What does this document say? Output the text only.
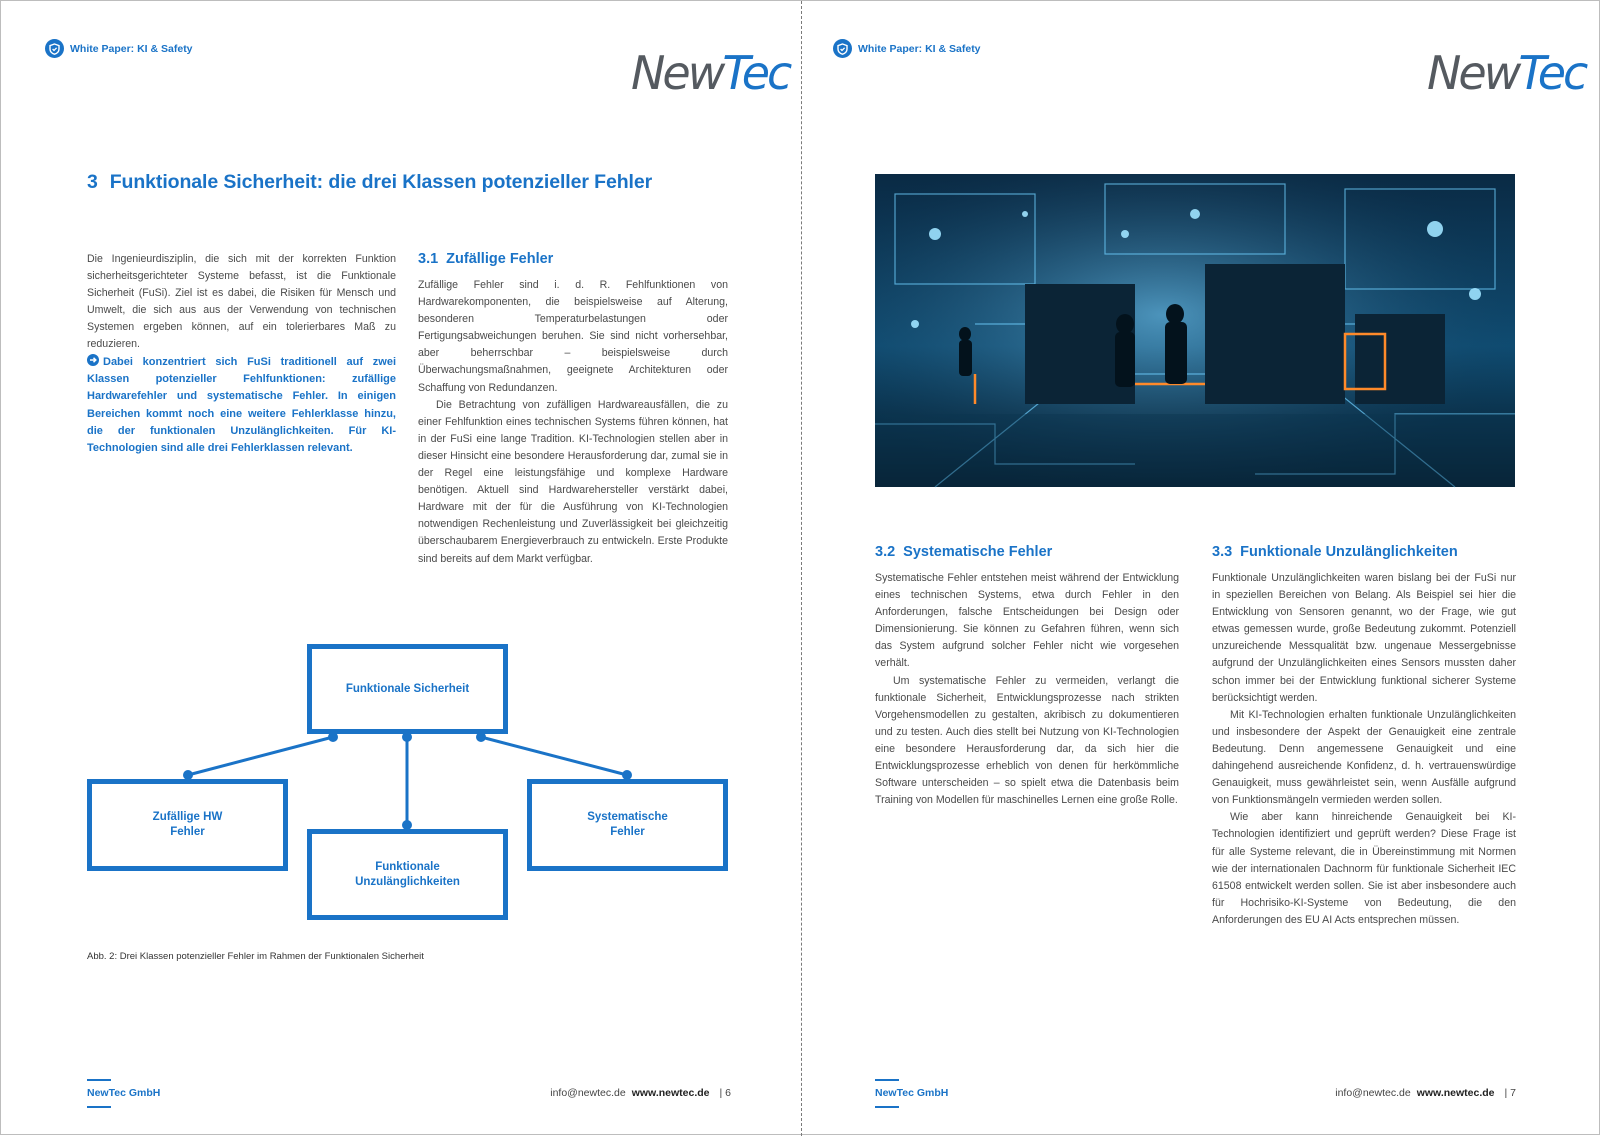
White Paper: KI & Safety	NewTec
3 Funktionale Sicherheit: die drei Klassen potenzieller Fehler

Die Ingenieurdisziplin, die sich mit der korrekten Funktion sicherheitsgerichteter Systeme befasst, ist die Funktionale Sicherheit (FuSi). Ziel ist es dabei, die Risiken für Mensch und Umwelt, die sich aus aus der Verwendung von technischen Systemen ergeben können, auf ein tolerierbares Maß zu reduzieren.

Dabei konzentriert sich FuSi traditionell auf zwei Klassen potenzieller Fehlfunktionen: zufällige Hardwarefehler und systematische Fehler. In einigen Bereichen kommt noch eine weitere Fehlerklasse hinzu, die der funktionalen Unzulänglichkeiten. Für KI-Technologien sind alle drei Fehlerklassen relevant.
3.1 Zufällige Fehler

Zufällige Fehler sind i. d. R. Fehlfunktionen von Hardwarekomponenten, die beispielsweise auf Alterung, besonderen Temperaturbelastungen oder Fertigungsabweichungen beruhen. Sie sind nicht vorhersehbar, aber beherrschbar – beispielsweise durch Überwachungsmaßnahmen, geeignete Architekturen oder Schaffung von Redundanzen.

Die Betrachtung von zufälligen Hardwareausfällen, die zu einer Fehlfunktion eines technischen Systems führen können, hat in der FuSi eine lange Tradition. KI-Technologien stellen aber in dieser Hinsicht eine besondere Herausforderung dar, zumal sie in der Regel eine leistungsfähige und komplexe Hardware benötigen. Aktuell sind Hardwarehersteller verstärkt dabei, Hardware mit der für die Ausführung von KI-Technologien notwendigen Rechenleistung und Zuverlässigkeit bei gleichzeitig überschaubarem Energieverbrauch zu entwickeln. Erste Produkte sind bereits auf dem Markt verfügbar.

Funktionale Sicherheit
Zufällige HW
Fehler
Funktionale
Unzulänglichkeiten
Systematische
Fehler
Abb. 2: Drei Klassen potenzieller Fehler im Rahmen der Funktionalen Sicherheit
NewTec GmbH	info@newtec.de www.newtec.de | 6
White Paper: KI & Safety	NewTec
3.2 Systematische Fehler

Systematische Fehler entstehen meist während der Entwicklung eines technischen Systems, etwa durch Fehler in den Anforderungen, falsche Entscheidungen bei Design oder Dimensionierung. Sie können zu Gefahren führen, wenn sich das System aufgrund solcher Fehler nicht wie vorgesehen verhält.

Um systematische Fehler zu vermeiden, verlangt die funktionale Sicherheit, Entwicklungsprozesse nach strikten Vorgehensmodellen zu gestalten, akribisch zu dokumentieren und zu testen. Auch dies stellt bei Nutzung von KI-Technologien eine besondere Herausforderung dar, da sich hier die Entwicklungsprozesse erheblich von denen für herkömmliche Software unterscheiden – so spielt etwa die Datenbasis beim Training von Modellen für maschinelles Lernen eine große Rolle.

3.3 Funktionale Unzulänglichkeiten

Funktionale Unzulänglichkeiten waren bislang bei der FuSi nur in speziellen Bereichen von Belang. Als Beispiel sei hier die Entwicklung von Sensoren genannt, wo der Frage, wie gut etwas gemessen wurde, große Bedeutung zukommt. Potenziell unzureichende Messqualität bzw. ungenaue Messergebnisse aufgrund der Unzulänglichkeiten eines Sensors mussten daher schon immer bei der Entwicklung funktional sicherer Systeme berücksichtigt werden.

Mit KI-Technologien erhalten funktionale Unzulänglichkeiten und insbesondere der Aspekt der Genauigkeit eine zentrale Bedeutung. Denn angemessene Genauigkeit und eine dahingehend ausreichende Konfidenz, d. h. vertrauenswürdige Genauigkeit, muss gewährleistet sein, wenn Ausfälle aufgrund von Funktionsmängeln vermieden werden sollen.

Wie aber kann hinreichende Genauigkeit bei KI-Technologien identifiziert und geprüft werden? Diese Frage ist für alle Systeme relevant, die in Übereinstimmung mit Normen wie der internationalen Dachnorm für funktionale Sicherheit IEC 61508 entwickelt werden sollen. Sie ist aber insbesondere auch für Hochrisiko-KI-Systeme von Bedeutung, die den Anforderungen des EU AI Acts entsprechen müssen.

NewTec GmbH	info@newtec.de www.newtec.de | 7
